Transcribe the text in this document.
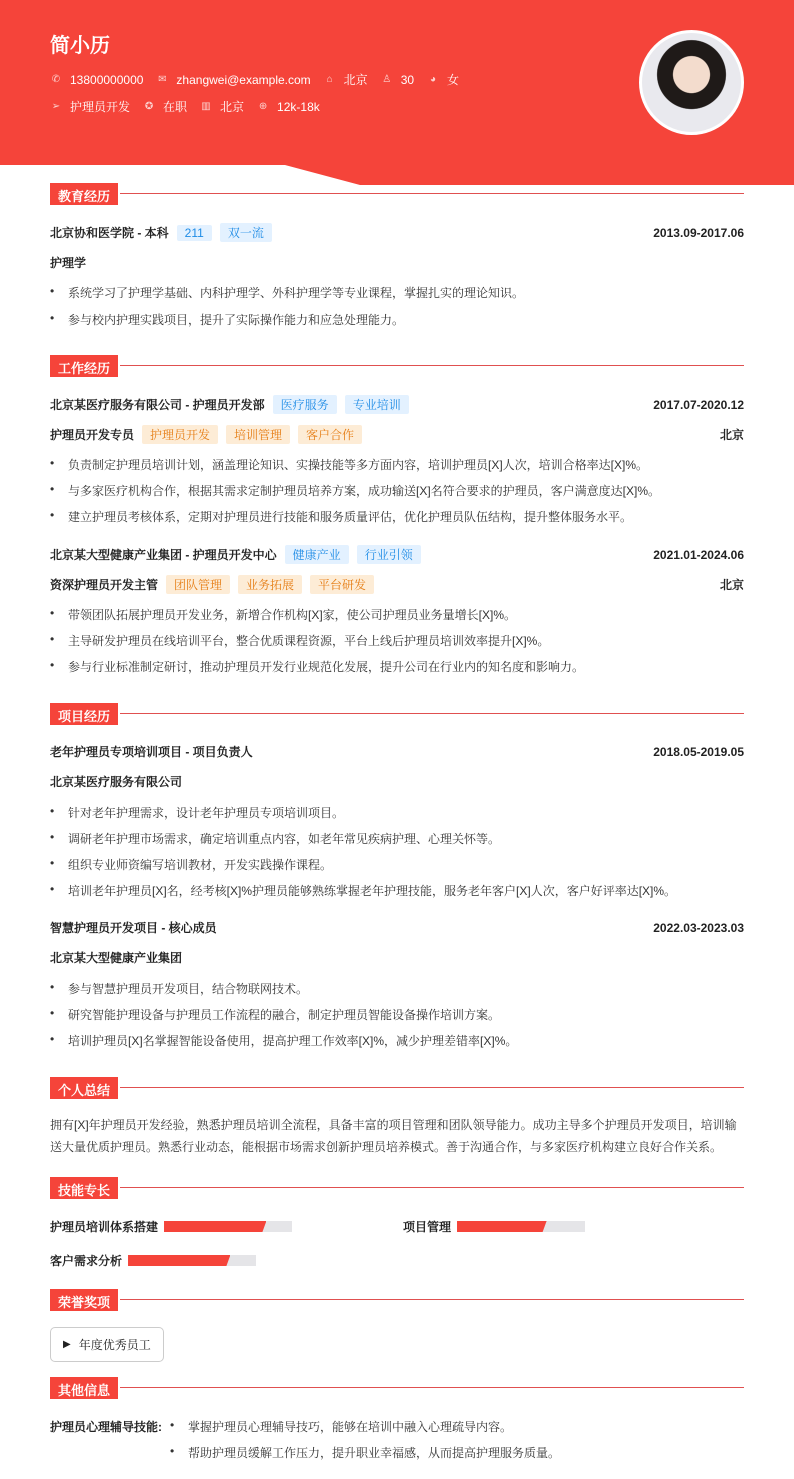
简小历
✆ 13800000000 ✉ zhangwei@example.com ⌂ 北京 ♙ 30 ◕ 女
➢ 护理员开发 ✪ 在职 ▥ 北京 ⊕ 12k-18k
教育经历
北京协和医学院 - 本科	211	双一流	2013.09-2017.06
护理学
• 系统学习了护理学基础、内科护理学、外科护理学等专业课程，掌握扎实的理论知识。
• 参与校内护理实践项目，提升了实际操作能力和应急处理能力。
工作经历
北京某医疗服务有限公司 - 护理员开发部	医疗服务	专业培训	2017.07-2020.12
护理员开发专员	护理员开发	培训管理	客户合作	北京
• 负责制定护理员培训计划，涵盖理论知识、实操技能等多方面内容，培训护理员[X]人次，培训合格率达[X]%。
• 与多家医疗机构合作，根据其需求定制护理员培养方案，成功输送[X]名符合要求的护理员，客户满意度达[X]%。
• 建立护理员考核体系，定期对护理员进行技能和服务质量评估，优化护理员队伍结构，提升整体服务水平。
北京某大型健康产业集团 - 护理员开发中心	健康产业	行业引领	2021.01-2024.06
资深护理员开发主管	团队管理	业务拓展	平台研发	北京
• 带领团队拓展护理员开发业务，新增合作机构[X]家，使公司护理员业务量增长[X]%。
• 主导研发护理员在线培训平台，整合优质课程资源，平台上线后护理员培训效率提升[X]%。
• 参与行业标准制定研讨，推动护理员开发行业规范化发展，提升公司在行业内的知名度和影响力。
项目经历
老年护理员专项培训项目 - 项目负责人	2018.05-2019.05
北京某医疗服务有限公司
• 针对老年护理需求，设计老年护理员专项培训项目。
• 调研老年护理市场需求，确定培训重点内容，如老年常见疾病护理、心理关怀等。
• 组织专业师资编写培训教材，开发实践操作课程。
• 培训老年护理员[X]名，经考核[X]%护理员能够熟练掌握老年护理技能，服务老年客户[X]人次，客户好评率达[X]%。
智慧护理员开发项目 - 核心成员	2022.03-2023.03
北京某大型健康产业集团
• 参与智慧护理员开发项目，结合物联网技术。
• 研究智能护理设备与护理员工作流程的融合，制定护理员智能设备操作培训方案。
• 培训护理员[X]名掌握智能设备使用，提高护理工作效率[X]%，减少护理差错率[X]%。
个人总结
拥有[X]年护理员开发经验，熟悉护理员培训全流程，具备丰富的项目管理和团队领导能力。成功主导多个护理员开发项目，培训输送大量优质护理员。熟悉行业动态，能根据市场需求创新护理员培养模式。善于沟通合作，与多家医疗机构建立良好合作关系。
技能专长
护理员培训体系搭建	项目管理
客户需求分析
荣誉奖项
▶ 年度优秀员工
其他信息
护理员心理辅导技能:	• 掌握护理员心理辅导技巧，能够在培训中融入心理疏导内容。
• 帮助护理员缓解工作压力，提升职业幸福感，从而提高护理服务质量。
